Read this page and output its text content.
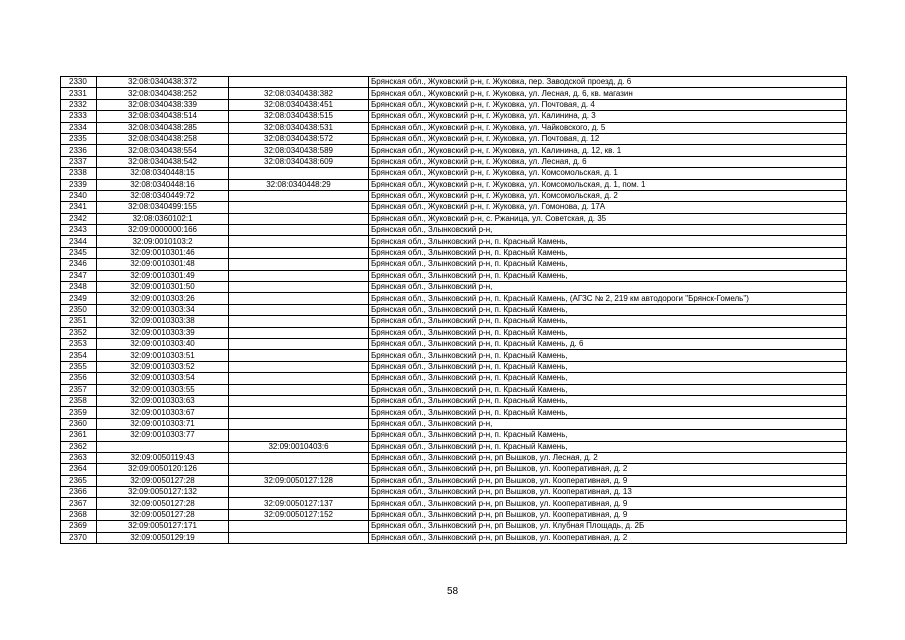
2330	32:08:0340438:372		Брянская обл., Жуковский р-н, г. Жуковка, пер. Заводской проезд, д. 6
2331	32:08:0340438:252	32:08:0340438:382	Брянская обл., Жуковский р-н, г. Жуковка, ул. Лесная, д. 6, кв. магазин
2332	32:08:0340438:339	32:08:0340438:451	Брянская обл., Жуковский р-н, г. Жуковка, ул. Почтовая, д. 4
2333	32:08:0340438:514	32:08:0340438:515	Брянская обл., Жуковский р-н, г. Жуковка, ул. Калинина, д. 3
2334	32:08:0340438:285	32:08:0340438:531	Брянская обл., Жуковский р-н, г. Жуковка, ул. Чайковского, д. 5
2335	32:08:0340438:258	32:08:0340438:572	Брянская обл., Жуковский р-н, г. Жуковка, ул. Почтовая, д. 12
2336	32:08:0340438:554	32:08:0340438:589	Брянская обл., Жуковский р-н, г. Жуковка, ул. Калинина, д. 12, кв. 1
2337	32:08:0340438:542	32:08:0340438:609	Брянская обл., Жуковский р-н, г. Жуковка, ул. Лесная, д. 6
2338	32:08:0340448:15		Брянская обл., Жуковский р-н, г. Жуковка, ул. Комсомольская, д. 1
2339	32:08:0340448:16	32:08:0340448:29	Брянская обл., Жуковский р-н, г. Жуковка, ул. Комсомольская, д. 1, пом. 1
2340	32:08:0340449:72		Брянская обл., Жуковский р-н, г. Жуковка, ул. Комсомольская, д. 2
2341	32:08:0340499:155		Брянская обл., Жуковский р-н, г. Жуковка, ул. Гомонова, д. 17А
2342	32:08:0360102:1		Брянская обл., Жуковский р-н, с. Ржаница, ул. Советская, д. 35
2343	32:09:0000000:166		Брянская обл., Злынковский р-н,
2344	32:09:0010103:2		Брянская обл., Злынковский р-н, п. Красный Камень,
2345	32:09:0010301:46		Брянская обл., Злынковский р-н, п. Красный Камень,
2346	32:09:0010301:48		Брянская обл., Злынковский р-н, п. Красный Камень,
2347	32:09:0010301:49		Брянская обл., Злынковский р-н, п. Красный Камень,
2348	32:09:0010301:50		Брянская обл., Злынковский р-н,
2349	32:09:0010303:26		Брянская обл., Злынковский р-н, п. Красный Камень, (АГЗС № 2, 219 км автодороги "Брянск-Гомель")
2350	32:09:0010303:34		Брянская обл., Злынковский р-н, п. Красный Камень,
2351	32:09:0010303:38		Брянская обл., Злынковский р-н, п. Красный Камень,
2352	32:09:0010303:39		Брянская обл., Злынковский р-н, п. Красный Камень,
2353	32:09:0010303:40		Брянская обл., Злынковский р-н, п. Красный Камень, д. 6
2354	32:09:0010303:51		Брянская обл., Злынковский р-н, п. Красный Камень,
2355	32:09:0010303:52		Брянская обл., Злынковский р-н, п. Красный Камень,
2356	32:09:0010303:54		Брянская обл., Злынковский р-н, п. Красный Камень,
2357	32:09:0010303:55		Брянская обл., Злынковский р-н, п. Красный Камень,
2358	32:09:0010303:63		Брянская обл., Злынковский р-н, п. Красный Камень,
2359	32:09:0010303:67		Брянская обл., Злынковский р-н, п. Красный Камень,
2360	32:09:0010303:71		Брянская обл., Злынковский р-н,
2361	32:09:0010303:77		Брянская обл., Злынковский р-н, п. Красный Камень,
2362		32:09:0010403:6	Брянская обл., Злынковский р-н, п. Красный Камень,
2363	32:09:0050119:43		Брянская обл., Злынковский р-н, рп Вышков, ул. Лесная, д. 2
2364	32:09:0050120:126		Брянская обл., Злынковский р-н, рп Вышков, ул. Кооперативная, д. 2
2365	32:09:0050127:28	32:09:0050127:128	Брянская обл., Злынковский р-н, рп Вышков, ул. Кооперативная, д. 9
2366	32:09:0050127:132		Брянская обл., Злынковский р-н, рп Вышков, ул. Кооперативная, д. 13
2367	32:09:0050127:28	32:09:0050127:137	Брянская обл., Злынковский р-н, рп Вышков, ул. Кооперативная, д. 9
2368	32:09:0050127:28	32:09:0050127:152	Брянская обл., Злынковский р-н, рп Вышков, ул. Кооперативная, д. 9
2369	32:09:0050127:171		Брянская обл., Злынковский р-н, рп Вышков, ул. Клубная Площадь, д. 2Б
2370	32:09:0050129:19		Брянская обл., Злынковский р-н, рп Вышков, ул. Кооперативная, д. 2
58
